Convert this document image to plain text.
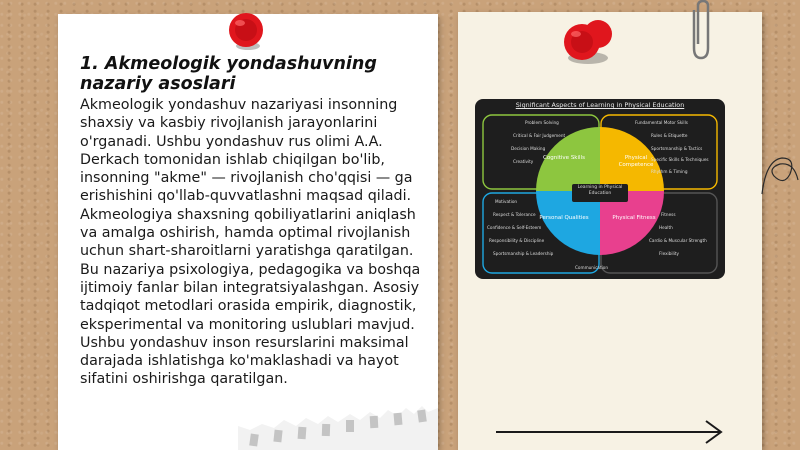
1. Akmeologik yondashuvning nazariy asoslari
Akmeologik yondashuv nazariyasi insonning shaxsiy va kasbiy rivojlanish jarayonlarini o'rganadi. Ushbu yondashuv rus olimi A.A. Derkach tomonidan ishlab chiqilgan bo'lib, insonning "akme" — rivojlanish cho'qqisi — ga erishishini qo'llab-quvvatlashni maqsad qiladi. Akmeologiya shaxsning qobiliyatlarini aniqlash va amalga oshirish, hamda optimal rivojlanish uchun shart-sharoitlarni yaratishga qaratilgan. Bu nazariya psixologiya, pedagogika va boshqa ijtimoiy fanlar bilan integratsiyalashgan. Asosiy tadqiqot metodlari orasida empirik, diagnostik, eksperimental va monitoring uslublari mavjud. Ushbu yondashuv inson resurslarini maksimal darajada ishlatishga ko'maklashadi va hayot sifatini oshirishga qaratilgan.
Significant Aspects of Learning in Physical Education
Learning in Physical Education
Cognitive Skills	Physical Competence
Personal Qualities	Physical Fitness
Problem Solving
Critical & Fair Judgement
Decision Making
Creativity
Fundamental Motor Skills
Rules & Etiquette
Sportsmanship & Tactics
Specific Skills & Techniques
Rhythm & Timing
Motivation
Respect & Tolerance
Confidence & Self-Esteem
Responsibility & Discipline
Sportsmanship & Leadership
Fitness
Health
Cardio & Muscular Strength
Flexibility
Communication
